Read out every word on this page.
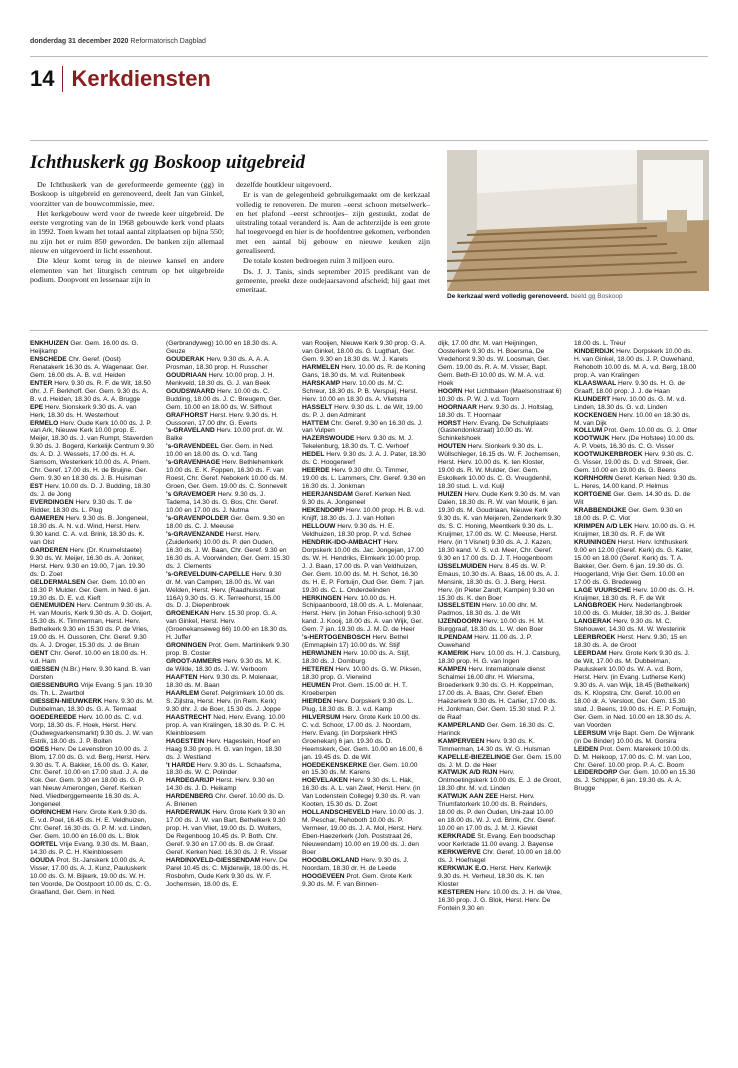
donderdag 31 december 2020 Reformatorisch Dagblad
14 Kerkdiensten
Ichthuskerk gg Boskoop uitgebreid

De Ichthuskerk van de gereformeerde gemeente (gg) in Boskoop is uitgebreid en gerenoveerd, deelt Jan van Ginkel, voorzitter van de bouwcommissie, mee.

Het kerkgebouw werd voor de tweede keer uitgebreid. De eerste vergroting van de in 1968 gebouwde kerk vond plaats in 1992. Toen kwam het totaal aantal zitplaatsen op bijna 550; nu zijn het er ruim 850 geworden. De banken zijn allemaal nieuw en uitgevoerd in licht essenhout.

Die kleur komt terug in de nieuwe kansel en andere elementen van het liturgisch centrum op het uitgebreide podium. Doopvont en lessenaar zijn in

dezelfde houtkleur uitgevoerd.

Er is van de gelegenheid gebruikgemaakt om de kerkzaal volledig te renoveren. De muren –eerst schoon metselwerk– en het plafond –eerst schrootjes– zijn gestuukt, zodat de uitstraling totaal veranderd is. Aan de achterzijde is een grote hal toegevoegd en hier is de hoofdentree gekomen, verbonden met een aantal bij gebouw en nieuwe keuken zijn gerealiseerd.

De totale kosten bedroegen ruim 3 miljoen euro.

Ds. J. J. Tanis, sinds september 2015 predikant van de gemeente, preekt deze oudejaarsavond afscheid; hij gaat met emeritaat.

De kerkzaal werd volledig gerenoveerd. beeld gg Boskoop

ENKHUIZEN Ger. Gem. 16.00 ds. G. Heijkamp

ENSCHEDE Chr. Geref. (Oost) Renatakerk 16.30 ds. A. Wagenaar. Ger. Gem. 16.00 ds. A. B. v.d. Heiden

ENTER Herv. 9.30 ds. R. F. de Wit, 18.50 dhr. J. F. Berkhoff. Ger. Gem. 9.30 ds. A. B. v.d. Heiden, 18.30 ds. A. A. Brugge

EPE Herv. Sionskerk 9.30 ds. A. van Herk, 18.30 ds. H. Westerhout

ERMELO Herv. Oude Kerk 10.00 ds. J. P. van Ark, Nieuwe Kerk 10.00 prop. E. Meijer, 18.30 ds. J. van Rumpt, Staverden 9.30 ds. J. Bogerd, Kerkelijk Centrum 9.30 ds. A. D. J. Wessels, 17.00 ds. H. A. Samsom, Westerkerk 10.00 ds. A. Priem. Chr. Geref. 17.00 ds. H. de Bruijne. Ger. Gem. 9.30 en 18.30 ds. J. B. Huisman

EST Herv. 10.00 ds. D. J. Budding, 18.30 ds. J. de Jong

EVERDINGEN Herv. 9.30 ds. T. de Ridder, 18.30 ds. L. Plug

GAMEREN Herv. 9.30 ds. B. Jongeneel, 18.30 ds. A. N. v.d. Wind, Herst. Herv. 9.30 kand. C. A. v.d. Brink, 18.30 ds. K. van Olst

GARDEREN Herv. (Dr. Kruimelstaete) 9.30 ds. W. Meijer, 16.30 ds. A. Jonker, Herst. Herv. 9.30 en 19.00, 7 jan. 19.30 ds. D. Zoet

GELDERMALSEN Ger. Gem. 10.00 en 18.30 P. Mulder. Ger. Gem. in Ned. 6 jan. 19.30 ds. D. E. v.d. Kieft

GENEMUIDEN Herv. Centrum 9.30 ds. A. H. van Mouris, Kerk 9.30 ds. A. D. Goijert, 15.30 ds. K. Timmerman, Herst. Herv. Bethelkerk 9.30 en 15.30 ds. P. de Vries, 19.00 ds. H. Oussoren, Chr. Geref. 9.30 ds. A. J. Droger, 15.30 ds. J. de Bruin

GENT Chr. Geref. 10.00 en 18.00 ds. H. v.d. Ham

GIESSEN (N.Br.) Herv. 9.30 kand. B. van Dorsten

GIESSENBURG Vrije Evang. 5 jan. 19.30 ds. Th. L. Zwartbol

GIESSEN-NIEUWKERK Herv. 9.30 ds. M. Dubbelman, 18.30 ds. G. A. Termaat

GOEDEREEDE Herv. 10.00 ds. C. v.d. Vorp, 18.30 ds. F. Hoek, Herst. Herv. (Oudwegvarkensmarkt) 9.30 ds. J. W. van Estrik, 18.00 ds. J. P. Boiten

GOES Herv. De Levensbron 10.00 ds. J. Blom, 17.00 ds. G. v.d. Berg, Herst. Herv. 9.30 ds. T. A. Bakker, 16.00 ds. G. Kater, Chr. Geref. 10.00 en 17.00 stud. J. A. de Kok. Ger. Gem. 9.30 en 18.00 ds. G. P. van Nieuw Amerongen, Geref. Kerken Ned. Vliedberggemeente 16.30 ds. A. Jongeneel

GORINCHEM Herv. Grote Kerk 9.30 ds. E. v.d. Poel, 16.45 ds. H. E. Veldhuizen, Chr. Geref. 16.30 ds. G. P. M. v.d. Linden, Ger. Gem. 10.00 en 16.00 ds. L. Blok

GORTEL Vrije Evang. 9.30 ds. M. Baan, 14.30 ds. P. C. H. Kleinbloesem

GOUDA Prot. St.-Janskerk 10.00 ds. A. Visser, 17.00 ds. A. J. Kunz, Pauluskerk 10.00 ds. G. M. Bijkerk, 19.00 ds. W. H. ten Voorde, De Oostpoort 10.00 ds. C. G. Graafland, Ger. Gem. in Ned.

(Gerbrandyweg) 10.00 en 18.30 ds. A. Geuze

GOUDERAK Herv. 9.30 ds. A. A. A. Prosman, 18.30 prop. H. Russcher

GOUDRIAAN Herv. 10.00 prop. J. H. Menkveld, 18.30 ds. G. J. van Beek

GOUDSWAARD Herv. 10.00 ds. C. Budding, 18.00 ds. J. C. Breugem, Ger. Gem. 10.00 en 18.00 ds. W. Silfhout

GRAFHORST Herst. Herv. 9.30 ds. H. Oussoren, 17.00 dhr. G. Everts

's-GRAVELAND Herv. 10.00 prof. dr. W. Balke

's-GRAVENDEEL Ger. Gem. in Ned. 10.00 en 18.00 ds. O. v.d. Tang

's-GRAVENHAGE Herv. Bethlehemkerk 10.00 ds. E. K. Foppen, 16.30 ds. F. van Roest, Chr. Geref. Nebokerk 10.00 ds. M. Groen, Ger. Gem. 19.00 ds. C. Sonnevelt

's GRAVEMOER Herv. 9.30 ds. J. Tadema, 14.30 ds. G. Bos, Chr. Geref. 10.00 en 17.00 ds. J. Nutma

's-GRAVENPOLDER Ger. Gem. 9.30 en 18.00 ds. C. J. Meeuse

's-GRAVENZANDE Herst. Herv. (Zuiderkerk) 10.00 ds. P. den Ouden, 16.30 ds. J. W. Baan, Chr. Geref. 9.30 en 16.30 ds. A. Voorwinden, Ger. Gem. 15.30 ds. J. Clements

's-GREVELDUIN-CAPELLE Herv. 9.30 dr. M. van Campen, 18.00 ds. W. van Welden, Herst. Herv. (Raadhuisstraat 116A) 9.30 ds. G. K. Terreehorst, 15.00 ds. D. J. Diepenbroek

GROENEKAN Herv. 15.30 prop. G. A. van Ginkel, Herst. Herv. (Groenekanseweg 66) 10.00 en 18.30 ds. H. Juffer

GRONINGEN Prot. Gem. Martinikerk 9.30 prop. B. Coster

GROOT-AMMERS Herv. 9.30 ds. M. K. de Wilde, 18.30 ds. J. W. Verboom

HAAFTEN Herv. 9.30 ds. P. Molenaar, 18.30 ds. M. Baan

HAARLEM Geref. Pelgrimkerk 10.00 ds. S. Zijlstra, Herst. Herv. (in Rem. Kerk) 9.30 dhr. J. de Boer, 15.30 ds. J. Joppe

HAASTRECHT Ned. Herv. Evang. 10.00 prop. A. van Kralingen, 18.30 ds. P. C. H. Kleinbloesem

HAGESTEIN Herv. Hagestein, Hoef en Haag 9.30 prop. H. G. van Ingen, 18.30 ds. J. Westland

't HARDE Herv. 9.30 ds. L. Schaafsma, 18.30 ds. W. C. Polinder

HARDEGARIJP Herst. Herv. 9.30 en 14.30 ds. J. D. Heikamp

HARDENBERG Chr. Geref. 10.00 ds. D. A. Brienen

HARDERWIJK Herv. Grote Kerk 9.30 en 17.00 ds. J. W. van Bart, Bethelkerk 9.30 prop. H. van Vliet, 19.00 ds. D. Wolters, De Regenboog 10.45 ds. P. Both. Chr. Geref. 9.30 en 17.00 ds. B. de Graaf. Geref. Kerken Ned. 16.30 ds. J. R. Visser

HARDINXVELD-GIESSENDAM Herv. De Parel 10.45 ds. C. Mijderwijk, 18.00 ds. H. Rosbohm, Oude Kerk 9.30 ds. W. F. Jochemsen, 18.00 ds. E.

van Rooijen, Nieuwe Kerk 9.30 prop. G. A. van Ginkel, 18.00 ds. G. Lugthart, Ger. Gem. 9.30 en 18.30 ds. W. J. Karels

HARMELEN Herv. 10.00 ds. R. de Koning Gans, 18.30 ds. M. v.d. Ruitenbeek

HARSKAMP Herv. 10.00 ds. M. C. Schreur, 18.30 ds. P. B. Verspuij, Herst. Herv. 10.00 en 18.30 ds. A. Vlietstra

HASSELT Herv. 9.30 ds. L. de Wit, 19.00 ds. P. J. den Admirant

HATTEM Chr. Geref. 9.30 en 16.30 ds. J. van Vulpen

HAZERSWOUDE Herv. 9.30 ds. M. J. Tekelenburg, 18.30 ds. T. C. Verhoef

HEDEL Herv. 9.30 ds. J. A. J. Pater, 18.30 ds. C. Hoogerwerf

HEERDE Herv. 9.30 dhr. G. Timmer, 19.00 ds. L. Lammers, Chr. Geref. 9.30 en 16.30 ds. J. Jonkman

HEERJANSDAM Geref. Kerken Ned. 9.30 ds. A. Jongeneel

HEKENDORP Herv. 10.00 prop. H. B. v.d. Knijff, 18.30 ds. J. J. van Holten

HELLOUW Herv. 9.30 ds. H. E. Veldhuizen, 18.30 prop. P. v.d. Schee

HENDRIK-IDO-AMBACHT Herv. Dorpskerk 10.00 ds. Jac. Jongejan, 17.00 ds. W. H. Hendriks, Elimkerk 10.00 prop. J. J. Baan, 17.00 ds. P. van Veldhuizen, Ger. Gem. 10.00 ds. M. H. Schot, 16.30 ds. H. E. P. Fortuijn, Oud Ger. Gem. 7 jan. 19.30 ds. C. L. Onderdelinden

HERKINGEN Herv. 10.00 ds. H. Schipaanboord, 18.00 ds. A. L. Molenaar, Herst. Herv. (in Johan Friso-school) 9.30 kand. J. Kooij, 18.00 ds. A. van Wijk, Ger. Gem. 7 jan. 19.30 ds. J. M. D. de Heer

's-HERTOGENBOSCH Herv. Bethel (Emmaplein 17) 10.00 ds. W. Stijf

HERWIJNEN Herv. 10.00 ds. A. Stijf, 18.30 ds. J. Domburg

HETEREN Herv. 10.00 ds. G. W. Piksen, 18.30 prop. G. Vierwind

HEUMEN Prot. Gem. 15.00 dr. H. T. Kroeberpen

HIERDEN Herv. Dorpskerk 9.30 ds. L. Plug, 18.30 ds. B. J. v.d. Kamp

HILVERSUM Herv. Grote Kerk 10.00 ds. C. v.d. Schoor, 17.00 ds. J. Noordam, Herv. Evang. (in Dorpskerk HHG Groenekan) 6 jan. 19.30 ds. D. Heemskerk, Ger. Gem. 10.00 en 16.00, 6 jan. 19.45 ds. D. de Wit

HOEDEKENSKERKE Ger. Gem. 10.00 en 15.30 ds. M. Karens

HOEVELAKEN Herv. 9.30 ds. L. Hak, 16.30 ds. A. L. van Zwet, Herst. Herv. (in Van Lodenstein College) 9.30 ds. R. van Kooten, 15.30 ds. D. Zoet

HOLLANDSCHEVELD Herv. 10.00 ds. J. M. Peschar, Rehoboth 10.00 ds. P. Vermeer, 19.00 ds. J. A. Mol, Herst. Herv. Eben-Haezerkerk (Joh. Poststraat 26, Nieuwendam) 10.00 en 19.00 ds. J. den Boer

HOOGBLOKLAND Herv. 9.30 ds. J. Noordam, 18.30 dr. H. de Leede

HOOGEVEEN Prot. Gem. Grote Kerk 9.30 ds. M. F. van Binnen-

dijk, 17.00 dhr. M. van Heijningen, Oosterkerk 9.30 ds. H. Boersma, De Vredehorst 9.30 ds. W. Loosman, Ger. Gem. 19.00 ds. R. A. M. Visser, Bapt. Gem. Beth-El 10.00 ds. W. M. A. v.d. Hoek

HOORN Het Lichtbaken (Maelsonstraat 6) 10.30 ds. P. W. J. v.d. Toorn

HOORNAAR Herv. 9.30 ds. J. Holtslag, 18.30 ds. T. Hoornaar

HORST Herv. Evang. De Schuilplaats (Gastendonkstraat) 10.00 ds. W. Schinkelshoek

HOUTEN Herv. Sionkerk 9.30 ds. L. Wüllschleger, 16.15 ds. W. F. Jochemsen, Herst. Herv. 10.00 ds. K. ten Kloster, 19.00 ds. R. W. Mulder, Ger. Gem. Eskolkerk 10.00 ds. C. G. Vreugdenhil, 18.30 stud. L. v.d. Kuijl

HUIZEN Herv. Oude Kerk 9.30 ds. M. van Dalen, 18.30 ds. R. W. van Mourik, 6 jan. 19.30 ds. M. Goudriaan, Nieuwe Kerk 9.30 ds. K. van Meijeren, Zenderkerk 9.30 ds. S. C. Honing, Meentkerk 9.30 ds. L. Kruijmer, 17.00 ds. W. C. Meeuse, Herst. Herv. (in 't Visnet) 9.30 ds. A. J. Kazen, 18.30 kand. V. S. v.d. Meer, Chr. Geref. 9.30 en 17.00 ds. D. J. T. Hoogenboom

IJSSELMUIDEN Herv. 8.45 ds. W. P. Emaus, 10.30 ds. A. Baas, 16.00 ds. A. J. Mensink, 18.30 ds. G. J. Berg, Herst. Herv. (in Pieter Zandt, Kampen) 9.30 en 15.30 ds. K. den Boer

IJSSELSTEIN Herv. 10.00 dhr. M. Padmos, 18.30 ds. J. de Wit

IJZENDOORN Herv. 10.00 ds. H. M. Burggraaf, 18.30 ds. L. W. den Boer

ILPENDAM Herv. 11.00 ds. J. P. Ouwehand

KAMERIK Herv. 10.00 ds. H. J. Catsburg, 18.30 prop. H. G. van Ingen

KAMPEN Herv. Internationale dienst Schalmei 16.00 dhr. H. Wiersma, Broederkerk 9.30 ds. G. H. Koppelman, 17.00 ds. A. Baas, Chr. Geref. Eben Haëzerkerk 9.30 ds. H. Carlier, 17.00 ds. H. Jonkman, Ger. Gem. 15.30 stud. P. J. de Raaf

KAMPERLAND Ger. Gem. 16.30 ds. C. Harinck

KAMPERVEEN Herv. 9.30 ds. K. Timmerman, 14.30 ds. W. G. Hulsman

KAPELLE-BIEZELINGE Ger. Gem. 15.00 ds. J. M. D. de Heer

KATWIJK A/D RIJN Herv. Ontmoetingskerk 10.00 ds. E. J. de Groot, 18.30 dhr. M. v.d. Linden

KATWIJK AAN ZEE Herst. Herv. Triumfatorkerk 10.00 ds. B. Reinders, 18.00 ds. P. den Ouden, Uni-zaal 10.00 en 18.00 ds. W. J. v.d. Brink, Chr. Geref. 10.00 en 17.00 ds. J. M. J. Kieviet

KERKRADE St. Evang. Een boodschap voor Kerkrade 11.00 evang. J. Bayense

KERKWERVE Chr. Geref. 10.00 en 18.00 ds. J. Hoefnagel

KERKWIJK E.O. Herst. Herv. Kerkwijk 9.30 ds. H. Verheul, 18.30 ds. K. ten Kloster

KESTEREN Herv. 10.00 ds. J. H. de Vree, 16.30 prop. J. G. Blok, Herst. Herv. De Fontein 9.30 en

18.00 ds. L. Treur

KINDERDIJK Herv. Dorpskerk 10.00 ds. H. van Ginkel, 18.00 ds. J. P. Ouwehand, Rehoboth 10.00 ds. M. A. v.d. Berg, 18.00 prop. A. van Kralingen

KLAASWAAL Herv. 9.30 ds. H. G. de Graaff, 18.00 prop. J. J. de Haan

KLUNDERT Herv. 10.00 ds. G. M. v.d. Linden, 18.30 ds. G. v.d. Linden

KOCKENGEN Herv. 10.00 en 18.30 ds. M. van Dijk

KOLLUM Prot. Gem. 10.00 ds. G. J. Otter

KOOTWIJK Herv. (De Hofstee) 10.00 ds. A. P. Voets, 16.30 ds. C. G. Visser

KOOTWIJKERBROEK Herv. 9.30 ds. C. G. Visser, 19.00 ds. D. v.d. Streek, Ger. Gem. 10.00 en 19.00 ds. G. Beens

KORNHORN Geref. Kerken Ned. 9.30 ds. L. Heres, 14.00 kand. P. Helmus

KORTGENE Ger. Gem. 14.30 ds. D. de Wit

KRABBENDIJKE Ger. Gem. 9.30 en 18.00 ds. P. C. Vlot

KRIMPEN A/D LEK Herv. 10.00 ds. G. H. Kruijmer, 18.30 ds. R. F. de Wit

KRUININGEN Herst. Herv. Ichthuskerk 9.00 en 12.00 (Geref. Kerk) ds. G. Kater, 15.00 en 18.00 (Geref. Kerk) ds. T. A. Bakker, Ger. Gem. 6 jan. 19.30 ds. G. Hoogerland, Vrije Ger. Gem. 10.00 en 17.00 ds. G. Bredeweg

LAGE VUURSCHE Herv. 10.00 ds. G. H. Kruijmer, 18.30 ds. R. F. de Wit

LANGBROEK Herv. Nederlangbroek 10.00 ds. G. Mulder, 18.30 ds. J. Belder

LANGERAK Herv. 9.30 ds. M. C. Stehouwer, 14.30 ds. M. W. Westerink

LEERBROEK Herst. Herv. 9.30, 15 en 18.30 ds. A. de Groot

LEERDAM Herv. Grote Kerk 9.30 ds. J. de Wit, 17.00 ds. M. Dubbelman, Pauluskerk 10.00 ds. W. A. v.d. Born, Herst. Herv. (in Evang. Lutherse Kerk) 9.30 ds. A. van Wijk, 18.45 (Bethelkerk) ds. K. Klopstra, Chr. Geref. 10.00 en 18.00 dr. A. Versloot, Ger. Gem. 15.30 stud. J. Beens, 19.00 ds. H. E. P. Fortuijn, Ger. Gem. in Ned. 10.00 en 18.30 ds. A. van Voorden

LEERSUM Vrije Bapt. Gem. De Wijnrank (in De Binder) 10.00 ds. M. Gorsira

LEIDEN Prot. Gem. Marekerk 10.00 ds. D. M. Heikoop, 17.00 ds. C. M. van Loo, Chr. Geref. 10.00 prop. P. A. C. Boom

LEIDERDORP Ger. Gem. 10.00 en 15.30 ds. J. Schipper, 6 jan. 19.30 ds. A. A. Brugge
